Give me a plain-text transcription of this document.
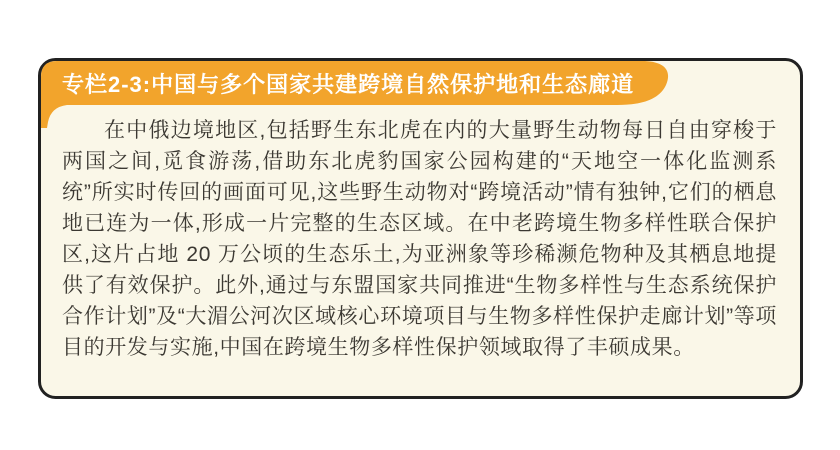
专栏2-3:中国与多个国家共建跨境自然保护地和生态廊道
在中俄边境地区,包括野生东北虎在内的大量野生动物每日自由穿梭于两国之间,觅食游荡,借助东北虎豹国家公园构建的“天地空一体化监测系统”所实时传回的画面可见,这些野生动物对“跨境活动”情有独钟,它们的栖息地已连为一体,形成一片完整的生态区域。在中老跨境生物多样性联合保护区,这片占地 20 万公顷的生态乐土,为亚洲象等珍稀濒危物种及其栖息地提供了有效保护。此外,通过与东盟国家共同推进“生物多样性与生态系统保护合作计划”及“大湄公河次区域核心环境项目与生物多样性保护走廊计划”等项目的开发与实施,中国在跨境生物多样性保护领域取得了丰硕成果。
